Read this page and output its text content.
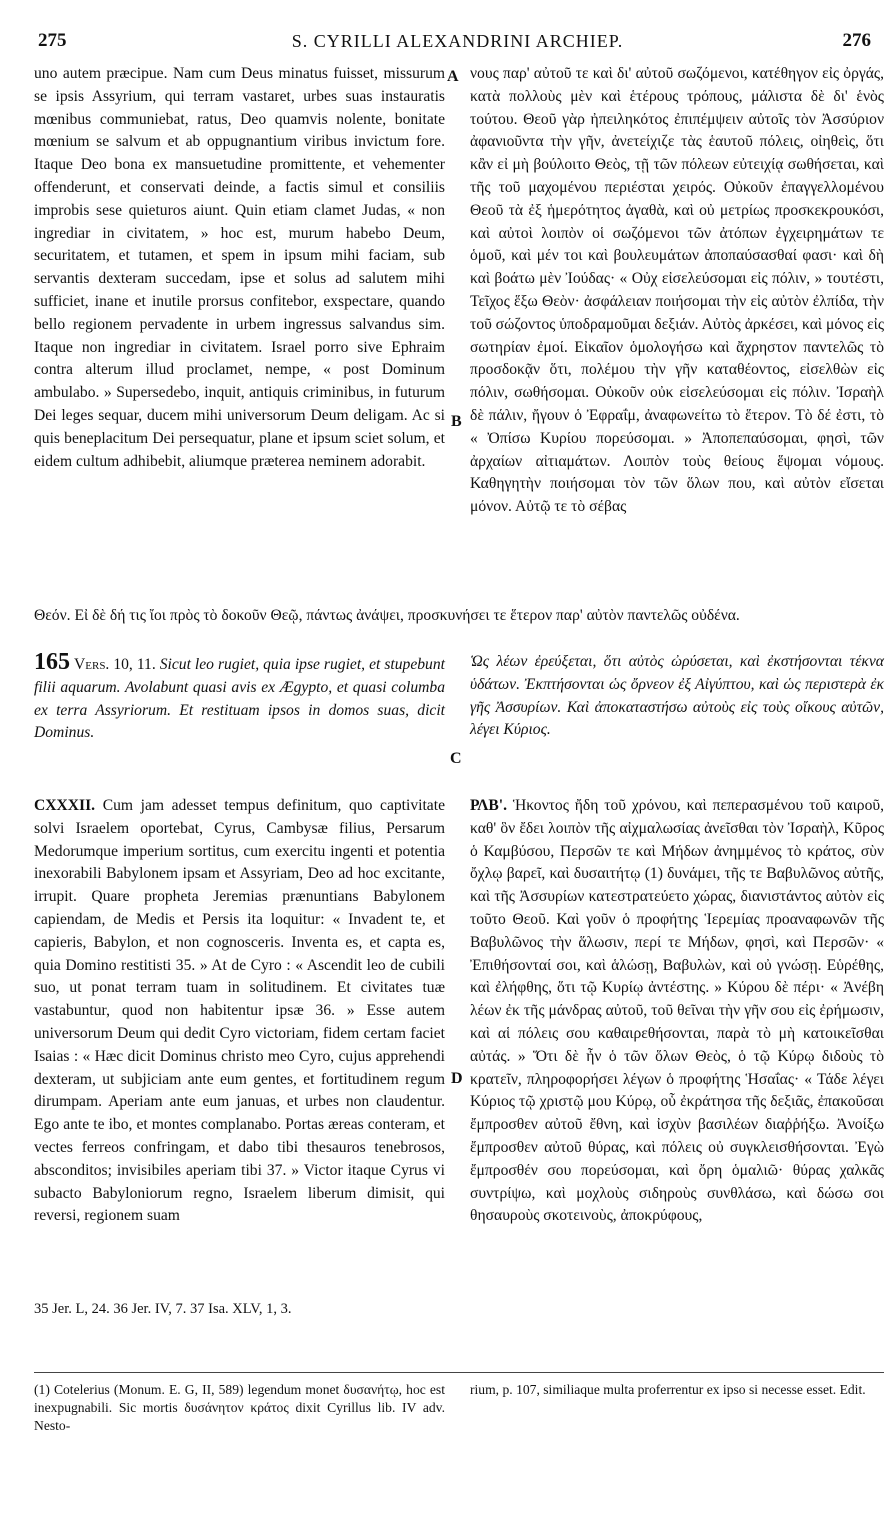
275	S. CYRILLI ALEXANDRINI ARCHIEP.	276
A
B
C
D

uno autem præcipue. Nam cum Deus minatus fuisset, missurum se ipsis Assyrium, qui terram vastaret, urbes suas instauratis mœnibus communiebat, ratus, Deo quamvis nolente, bonitate mœnium se salvum et ab oppugnantium viribus invictum fore. Itaque Deo bona ex mansuetudine promittente, et vehementer offenderunt, et conservati deinde, a factis simul et consiliis improbis sese quieturos aiunt. Quin etiam clamet Judas, « non ingrediar in civitatem, » hoc est, murum habebo Deum, securitatem, et tutamen, et spem in ipsum mihi faciam, sub servantis dexteram succedam, ipse et solus ad salutem mihi sufficiet, inane et inutile prorsus confitebor, exspectare, quando bello regionem pervadente in urbem ingressus salvandus sim. Itaque non ingrediar in civitatem. Israel porro sive Ephraim contra alterum illud proclamet, nempe, « post Dominum ambulabo. » Supersedebo, inquit, antiquis criminibus, in futurum Dei leges sequar, ducem mihi universorum Deum deligam. Ac si quis beneplacitum Dei persequatur, plane et ipsum sciet solum, et eidem cultum adhibebit, aliumque præterea neminem adorabit.

νους παρ' αὐτοῦ τε καὶ δι' αὐτοῦ σωζόμενοι, κατέθηγον εἰς ὀργάς, κατὰ πολλοὺς μὲν καὶ ἑτέρους τρόπους, μάλιστα δὲ δι' ἑνὸς τούτου. Θεοῦ γὰρ ἠπειληκότος ἐπιπέμψειν αὐτοῖς τὸν Ἀσσύριον ἀφανιοῦντα τὴν γῆν, ἀνετείχιζε τὰς ἑαυτοῦ πόλεις, οἰηθεὶς, ὅτι κἂν εἰ μὴ βούλοιτο Θεὸς, τῇ τῶν πόλεων εὐτειχίᾳ σωθήσεται, καὶ τῆς τοῦ μαχομένου περιέσται χειρός. Οὐκοῦν ἐπαγγελλομένου Θεοῦ τὰ ἐξ ἡμερότητος ἀγαθὰ, καὶ οὐ μετρίως προσκεκρουκόσι, καὶ αὐτοὶ λοιπὸν οἱ σωζόμενοι τῶν ἀτόπων ἐγχειρημάτων τε ὁμοῦ, καὶ μέν τοι καὶ βουλευμάτων ἀποπαύσασθαί φασι· καὶ δὴ καὶ βοάτω μὲν Ἰούδας· « Οὐχ εἰσελεύσομαι εἰς πόλιν, » τουτέστι, Τεῖχος ἕξω Θεὸν· ἀσφάλειαν ποιήσομαι τὴν εἰς αὐτὸν ἐλπίδα, τὴν τοῦ σώζοντος ὑποδραμοῦμαι δεξιάν. Αὐτὸς ἀρκέσει, καὶ μόνος εἰς σωτηρίαν ἐμοί. Εἰκαῖον ὁμολογήσω καὶ ἄχρηστον παντελῶς τὸ προσδοκᾷν ὅτι, πολέμου τὴν γῆν καταθέοντος, εἰσελθὼν εἰς πόλιν, σωθήσομαι. Οὐκοῦν οὐκ εἰσελεύσομαι εἰς πόλιν. Ἰσραὴλ δὲ πάλιν, ἤγουν ὁ Ἐφραΐμ, ἀναφωνείτω τὸ ἕτερον. Τὸ δέ ἐστι, τὸ « Ὀπίσω Κυρίου πορεύσομαι. » Ἀποπεπαύσομαι, φησὶ, τῶν ἀρχαίων αἰτιαμάτων. Λοιπὸν τοὺς θείους ἕψομαι νόμους. Καθηγητὴν ποιήσομαι τὸν τῶν ὅλων που, καὶ αὐτὸν εἴσεται μόνον. Αὐτῷ τε τὸ σέβας

Θεόν. Εἰ δὲ δή τις ἴοι πρὸς τὸ δοκοῦν Θεῷ, πάντως ἀνάψει, προσκυνήσει τε ἕτερον παρ' αὐτὸν παντελῶς οὐδένα.
165 Vers. 10, 11. Sicut leo rugiet, quia ipse rugiet, et stupebunt filii aquarum. Avolabunt quasi avis ex Ægypto, et quasi columba ex terra Assyriorum. Et restituam ipsos in domos suas, dicit Dominus.
Ὡς λέων ἐρεύξεται, ὅτι αὐτὸς ὠρύσεται, καὶ ἐκστήσονται τέκνα ὑδάτων. Ἐκπτήσονται ὡς ὄρνεον ἐξ Αἰγύπτου, καὶ ὡς περιστερὰ ἐκ γῆς Ἀσσυρίων. Καὶ ἀποκαταστήσω αὐτοὺς εἰς τοὺς οἴκους αὐτῶν, λέγει Κύριος.

CXXXII. Cum jam adesset tempus definitum, quo captivitate solvi Israelem oportebat, Cyrus, Cambysæ filius, Persarum Medorumque imperium sortitus, cum exercitu ingenti et potentia inexorabili Babylonem ipsam et Assyriam, Deo ad hoc excitante, irrupit. Quare propheta Jeremias prænuntians Babylonem capiendam, de Medis et Persis ita loquitur: « Invadent te, et capieris, Babylon, et non cognosceris. Inventa es, et capta es, quia Domino restitisti 35. » At de Cyro : « Ascendit leo de cubili suo, ut ponat terram tuam in solitudinem. Et civitates tuæ vastabuntur, quod non habitentur ipsæ 36. » Esse autem universorum Deum qui dedit Cyro victoriam, fidem certam faciet Isaias : « Hæc dicit Dominus christo meo Cyro, cujus apprehendi dexteram, ut subjiciam ante eum gentes, et fortitudinem regum dirumpam. Aperiam ante eum januas, et urbes non claudentur. Ego ante te ibo, et montes complanabo. Portas æreas conteram, et vectes ferreos confringam, et dabo tibi thesauros tenebrosos, absconditos; invisibiles aperiam tibi 37. » Victor itaque Cyrus vi subacto Babyloniorum regno, Israelem liberum dimisit, qui reversi, regionem suam

ΡΛΒ'. Ἡκοντος ἤδη τοῦ χρόνου, καὶ πεπερασμένου τοῦ καιροῦ, καθ' ὃν ἔδει λοιπὸν τῆς αἰχμαλωσίας ἀνεῖσθαι τὸν Ἰσραὴλ, Κῦρος ὁ Καμβύσου, Περσῶν τε καὶ Μήδων ἀνημμένος τὸ κράτος, σὺν ὄχλῳ βαρεῖ, καὶ δυσαιτήτῳ (1) δυνάμει, τῆς τε Βαβυλῶνος αὐτῆς, καὶ τῆς Ἀσσυρίων κατεστρατεύετο χώρας, διανιστάντος αὐτὸν εἰς τοῦτο Θεοῦ. Καὶ γοῦν ὁ προφήτης Ἱερεμίας προαναφωνῶν τῆς Βαβυλῶνος τὴν ἅλωσιν, περί τε Μήδων, φησὶ, καὶ Περσῶν· « Ἐπιθήσονταί σοι, καὶ ἁλώσῃ, Βαβυλὼν, καὶ οὐ γνώσῃ. Εὑρέθης, καὶ ἐλήφθης, ὅτι τῷ Κυρίῳ ἀντέστης. » Κύρου δὲ πέρι· « Ἀνέβη λέων ἐκ τῆς μάνδρας αὐτοῦ, τοῦ θεῖναι τὴν γῆν σου εἰς ἐρήμωσιν, καὶ αἱ πόλεις σου καθαιρεθήσονται, παρὰ τὸ μὴ κατοικεῖσθαι αὐτάς. » Ὅτι δὲ ἦν ὁ τῶν ὅλων Θεὸς, ὁ τῷ Κύρῳ διδοὺς τὸ κρατεῖν, πληροφορήσει λέγων ὁ προφήτης Ἡσαΐας· « Τάδε λέγει Κύριος τῷ χριστῷ μου Κύρῳ, οὗ ἐκράτησα τῆς δεξιᾶς, ἐπακοῦσαι ἔμπροσθεν αὐτοῦ ἔθνη, καὶ ἰσχὺν βασιλέων διαῤῥήξω. Ἀνοίξω ἔμπροσθεν αὐτοῦ θύρας, καὶ πόλεις οὐ συγκλεισθήσονται. Ἐγὼ ἔμπροσθέν σου πορεύσομαι, καὶ ὄρη ὁμαλιῶ· θύρας χαλκᾶς συντρίψω, καὶ μοχλοὺς σιδηροὺς συνθλάσω, καὶ δώσω σοι θησαυροὺς σκοτεινοὺς, ἀποκρύφους,

35 Jer. L, 24. 36 Jer. IV, 7. 37 Isa. XLV, 1, 3.
(1) Cotelerius (Monum. E. G, II, 589) legendum monet δυσανήτῳ, hoc est inexpugnabili. Sic mortis δυσάνητον κράτος dixit Cyrillus lib. IV adv. Nesto-
rium, p. 107, similiaque multa proferrentur ex ipso si necesse esset. Edit.
